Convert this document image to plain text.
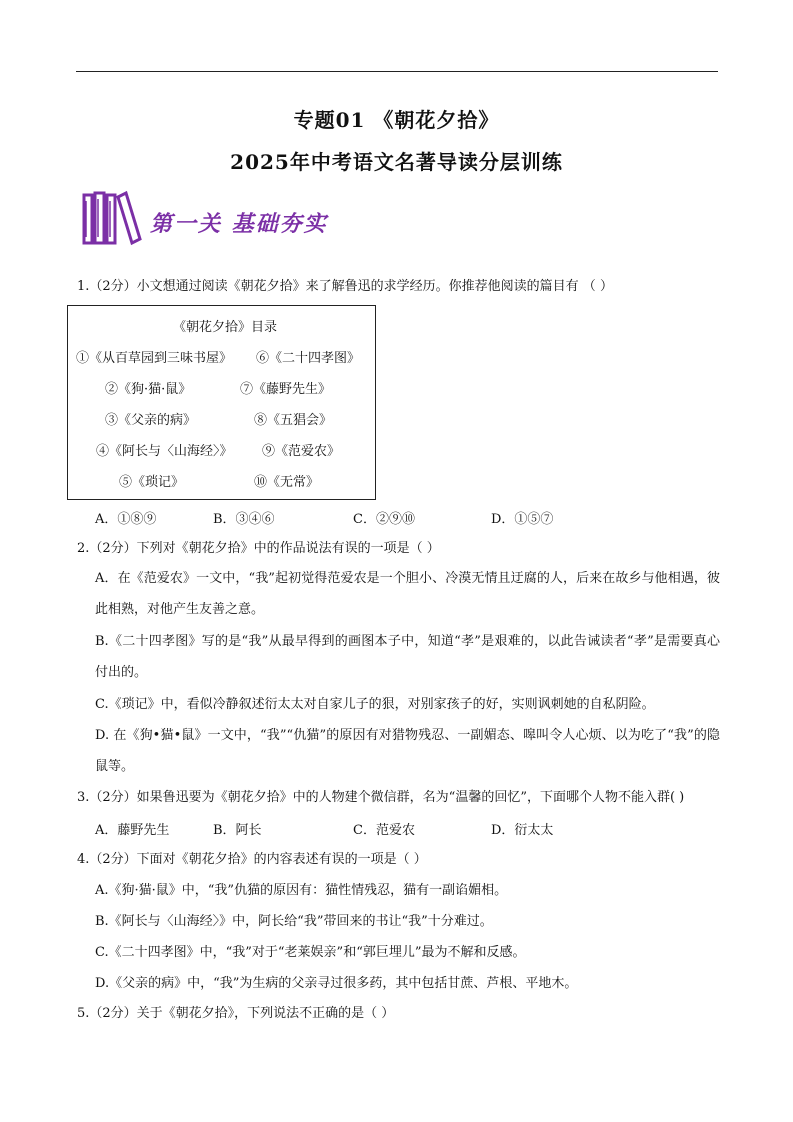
专题01 《朝花夕拾》
2025年中考语文名著导读分层训练
第一关 基础夯实
1.（2分）小文想通过阅读《朝花夕拾》来了解鲁迅的求学经历。你推荐他阅读的篇目有 （ ）
《朝花夕拾》目录
①《从百草园到三味书屋》 ⑥《二十四孝图》
②《狗·猫·鼠》	⑦《藤野先生》
③《父亲的病》	⑧《五猖会》
④《阿长与〈山海经〉》 ⑨《范爱农》
⑤《琐记》	⑩《无常》
A．①⑧⑨	B．③④⑥	C．②⑨⑩	D．①⑤⑦
2.（2分）下列对《朝花夕拾》中的作品说法有误的一项是（ ）
A．在《范爱农》一文中，“我”起初觉得范爱农是一个胆小、冷漠无情且迂腐的人，后来在故乡与他相遇，彼此相熟，对他产生友善之意。
B.《二十四孝图》写的是“我”从最早得到的画图本子中，知道“孝”是艰难的，以此告诫读者“孝”是需要真心付出的。
C.《琐记》中，看似冷静叙述衍太太对自家儿子的狠，对别家孩子的好，实则讽刺她的自私阴险。
D. 在《狗•猫•鼠》一文中，“我”“仇猫”的原因有对猎物残忍、一副媚态、嗥叫令人心烦、以为吃了“我”的隐鼠等。
3.（2分）如果鲁迅要为《朝花夕拾》中的人物建个微信群，名为“温馨的回忆”，下面哪个人物不能入群( )
A．藤野先生	B．阿长	C．范爱农	D．衍太太
4.（2分）下面对《朝花夕拾》的内容表述有误的一项是（ ）
A.《狗·猫·鼠》中，“我”仇猫的原因有：猫性情残忍，猫有一副谄媚相。
B.《阿长与〈山海经〉》中，阿长给“我”带回来的书让“我”十分难过。
C.《二十四孝图》中，“我”对于“老莱娱亲”和“郭巨埋儿”最为不解和反感。
D.《父亲的病》中，“我”为生病的父亲寻过很多药，其中包括甘蔗、芦根、平地木。
5.（2分）关于《朝花夕拾》，下列说法不正确的是（ ）
